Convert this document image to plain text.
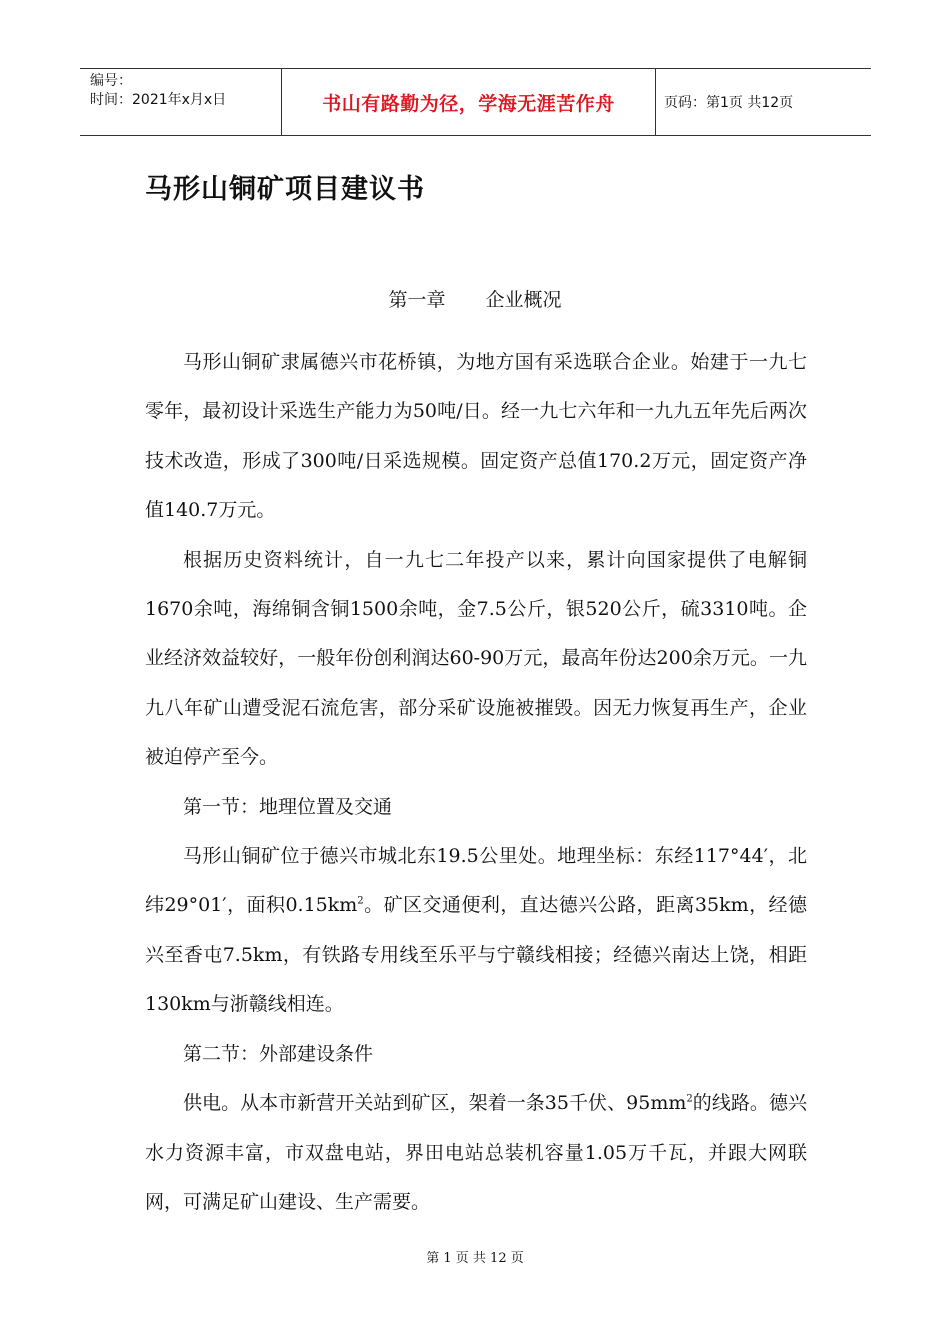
编号：
时间：2021年x月x日	书山有路勤为径，学海无涯苦作舟	页码：第1页 共12页
马形山铜矿项目建议书
第一章 企业概况

马形山铜矿隶属德兴市花桥镇，为地方国有采选联合企业。始建于一九七零年，最初设计采选生产能力为50吨/日。经一九七六年和一九九五年先后两次技术改造，形成了300吨/日采选规模。固定资产总值170.2万元，固定资产净值140.7万元。

根据历史资料统计，自一九七二年投产以来，累计向国家提供了电解铜1670余吨，海绵铜含铜1500余吨，金7.5公斤，银520公斤，硫3310吨。企业经济效益较好，一般年份创利润达60-90万元，最高年份达200余万元。一九九八年矿山遭受泥石流危害，部分采矿设施被摧毁。因无力恢复再生产，企业被迫停产至今。

第一节：地理位置及交通

马形山铜矿位于德兴市城北东19.5公里处。地理坐标：东经117°44′，北纬29°01′，面积$0.15km^2$。矿区交通便利，直达德兴公路，距离35km，经德兴至香屯7.5km，有铁路专用线至乐平与宁赣线相接；经德兴南达上饶，相距130km与浙赣线相连。

第二节：外部建设条件

供电。从本市新营开关站到矿区，架着一条35千伏、$95mm^2$的线路。德兴水力资源丰富，市双盘电站，界田电站总装机容量1.05万千瓦，并跟大网联网，可满足矿山建设、生产需要。

第 1 页 共 12 页
